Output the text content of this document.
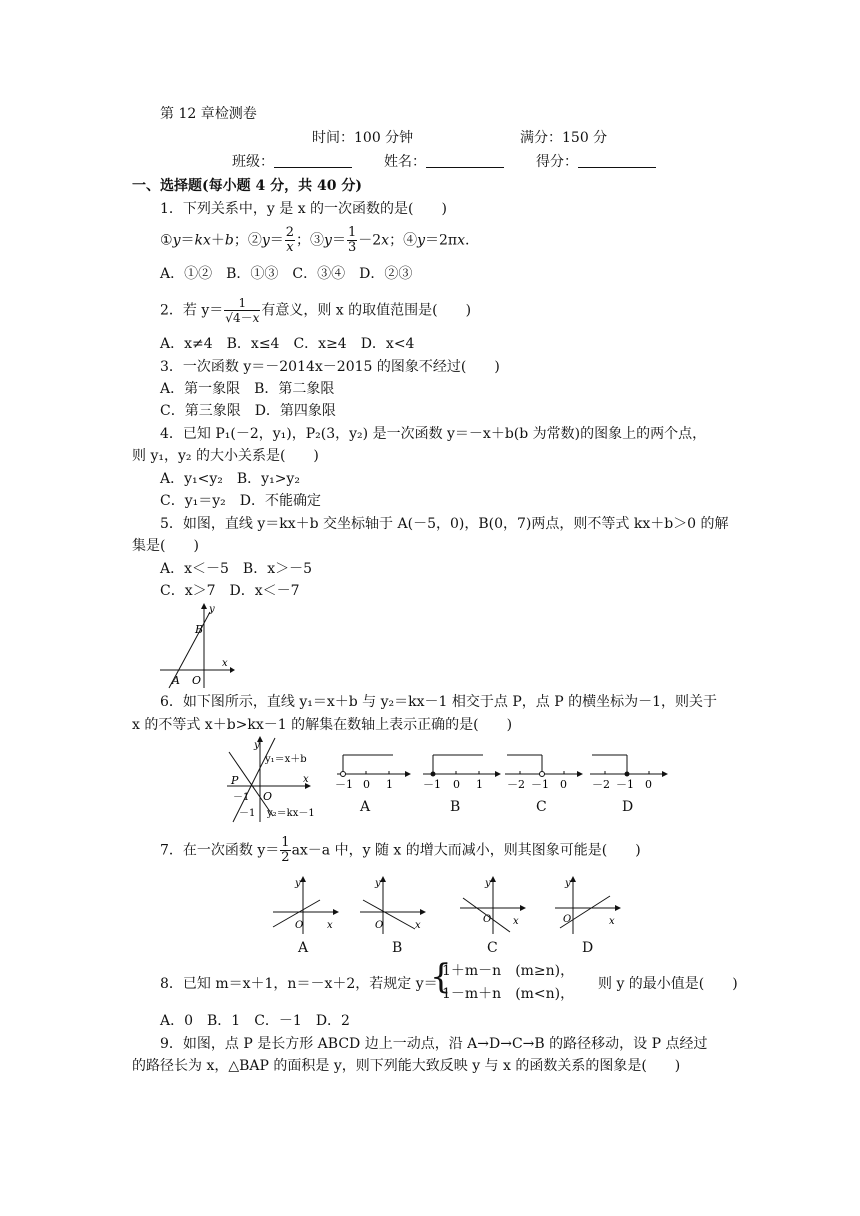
第 12 章检测卷
时间：100 分钟	满分：150 分
班级：	姓名：	得分：
一、选择题(每小题 4 分，共 40 分)
1．下列关系中，y 是 x 的一次函数的是(　　)
①y＝kx＋b；②y＝ $\frac{2}{x}$ ；③y＝ $\frac{1}{3} -2x$；④y＝2πx.
A．①②　B．①③　C．③④　D．②③
2．若 $y= \frac{1}{√4-x}$ 有意义，则 x 的取值范围是(　　)
A．x≠4　B．x≤4　C．x≥4　D．x<4
3．一次函数 y＝－2014x－2015 的图象不经过(　　)
A．第一象限　B．第二象限
C．第三象限　D．第四象限
4．已知 P₁(－2，y₁)，P₂(3，y₂) 是一次函数 y＝－x＋b(b 为常数)的图象上的两个点，
则 y₁，y₂ 的大小关系是(　　)
A．y₁<y₂　B．y₁>y₂
C．y₁＝y₂　D．不能确定
5．如图，直线 y＝kx＋b 交坐标轴于 A(－5，0)，B(0，7)两点，则不等式 kx＋b＞0 的解
集是(　　)
A．x＜－5　B．x＞－5
C．x＞7　D．x＜－7
y
B
x
A O
6．如下图所示，直线 y₁＝x＋b 与 y₂＝kx－1 相交于点 P，点 P 的横坐标为－1，则关于
x 的不等式 x＋b>kx－1 的解集在数轴上表示正确的是(　　)
y
y₁＝x＋b
P
－1 O
x
－1 y₂＝kx－1
－1 0 1	－1 0 1 －2 －1 0 －2 －1 0
A	B	C	D
7．在一次函数 $y= \frac{1}{2} ax-a$ 中，y 随 x 的增大而减小，则其图象可能是(　　)
y
O x
y
O	x
y
O x
y
O	x
A	B	C	D
8．已知 m＝x＋1，n＝－x＋2，若规定 y＝
{
1＋m－n　(m≥n)，
1－m＋n　(m<n)，
则 y 的最小值是(　　)
A．0　B．1　C．－1　D．2
9．如图，点 P 是长方形 ABCD 边上一动点，沿 A→D→C→B 的路径移动，设 P 点经过
的路径长为 x，△BAP 的面积是 y，则下列能大致反映 y 与 x 的函数关系的图象是(　　)
